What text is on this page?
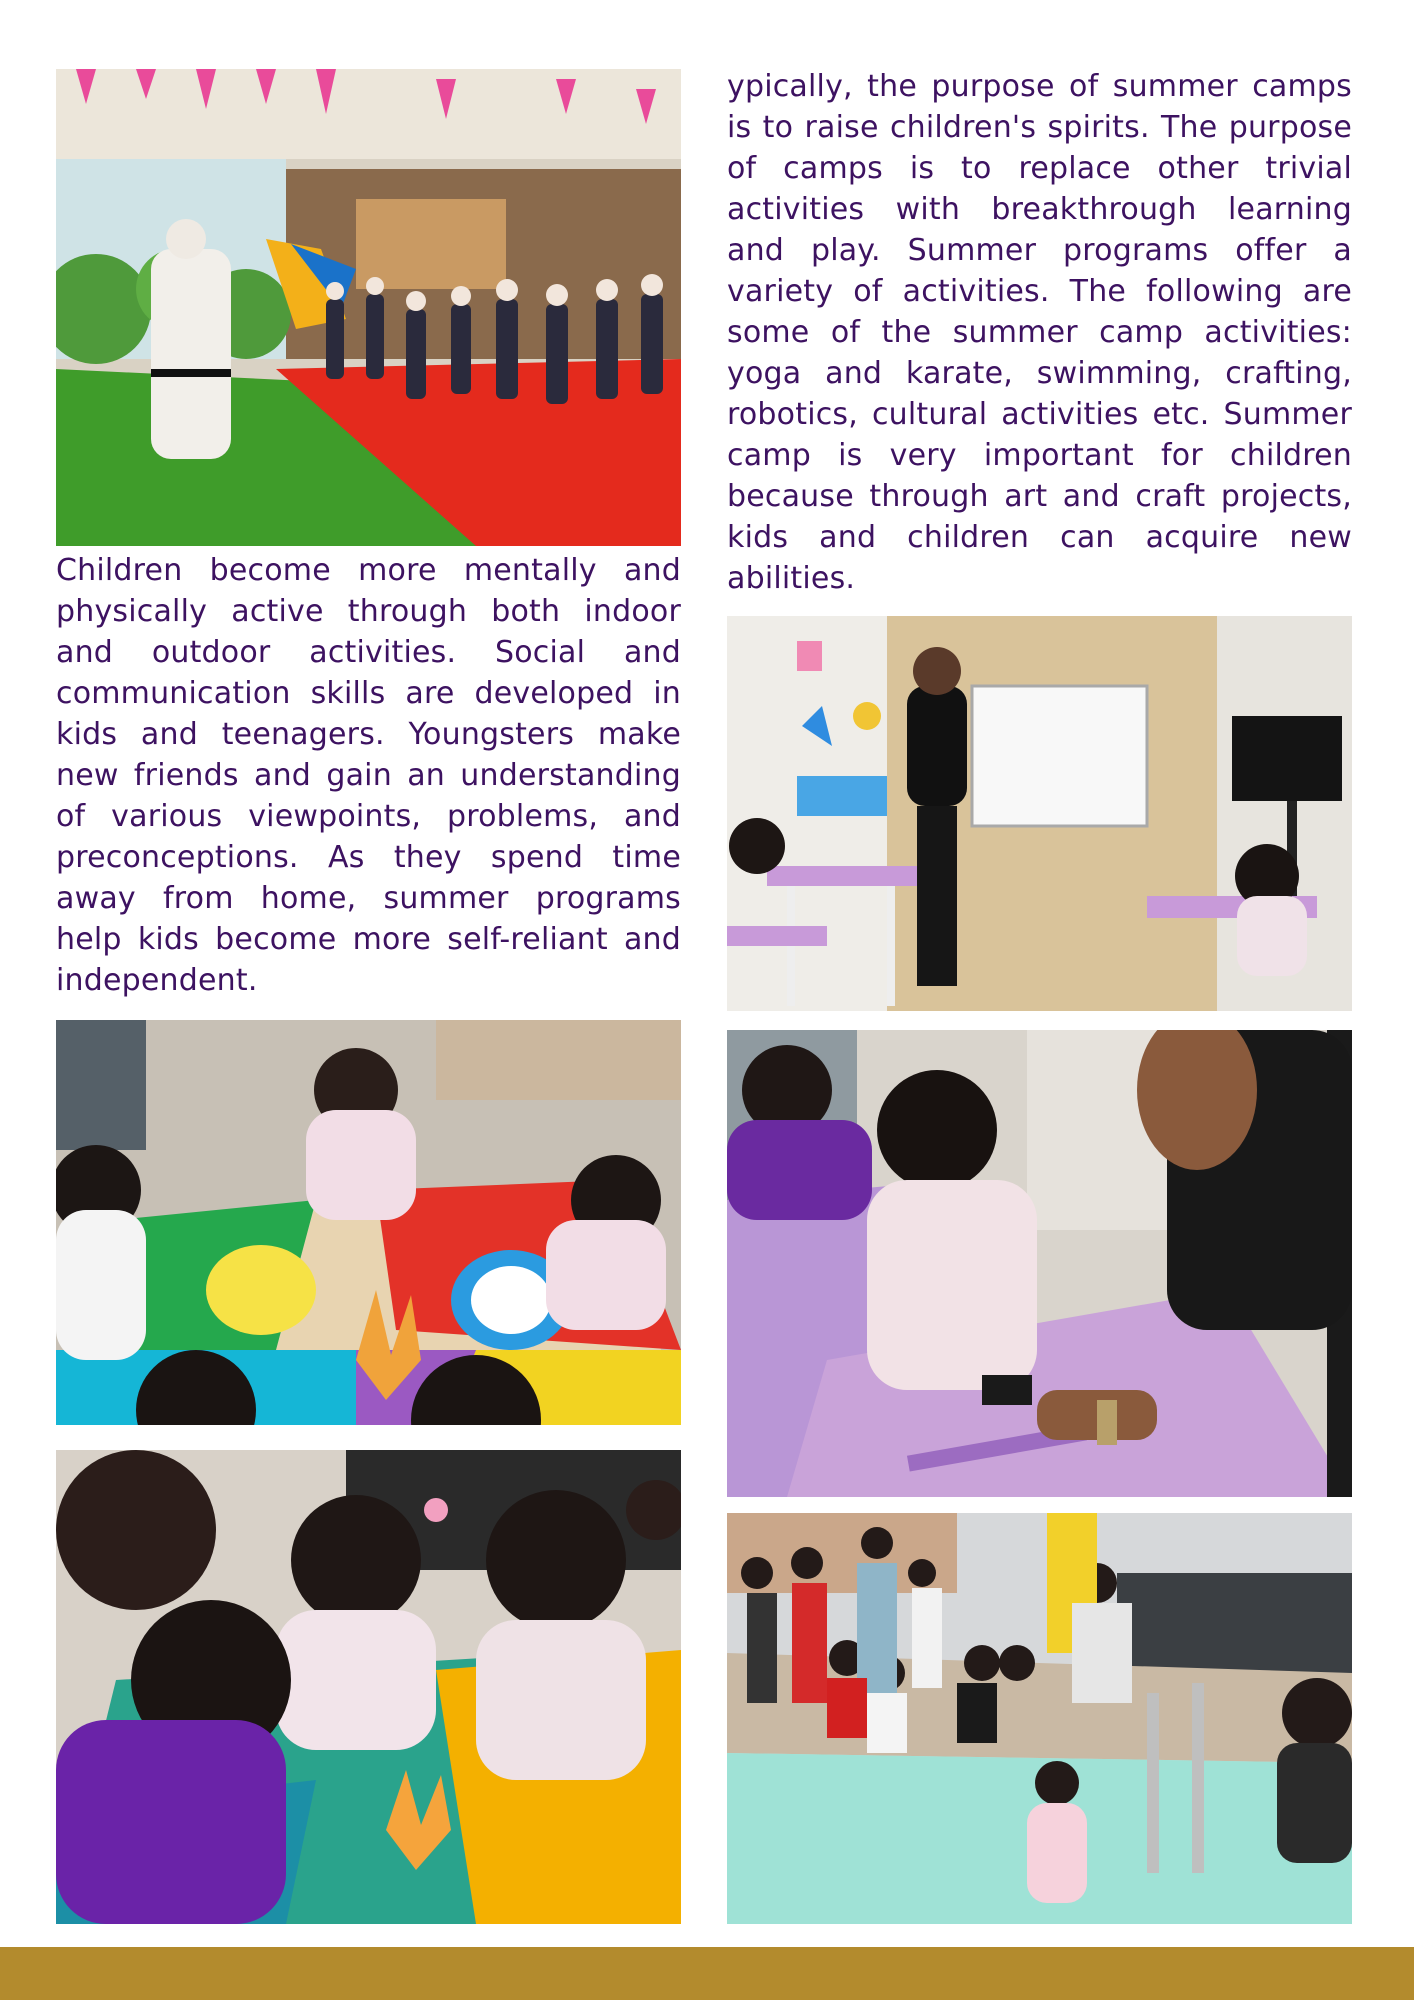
Children become more mentally and physically active through both indoor and outdoor activities. Social and communication skills are developed in kids and teenagers. Youngsters make new friends and gain an understanding of various viewpoints, problems, and preconceptions. As they spend time away from home, summer programs help kids become more self-reliant and independent.

ypically, the purpose of summer camps is to raise children's spirits. The purpose of camps is to replace other trivial activities with breakthrough learning and play. Summer programs offer a variety of activities. The following are some of the summer camp activities: yoga and karate, swimming, crafting, robotics, cultural activities etc. Summer camp is very important for children because through art and craft projects, kids and children can acquire new abilities.
